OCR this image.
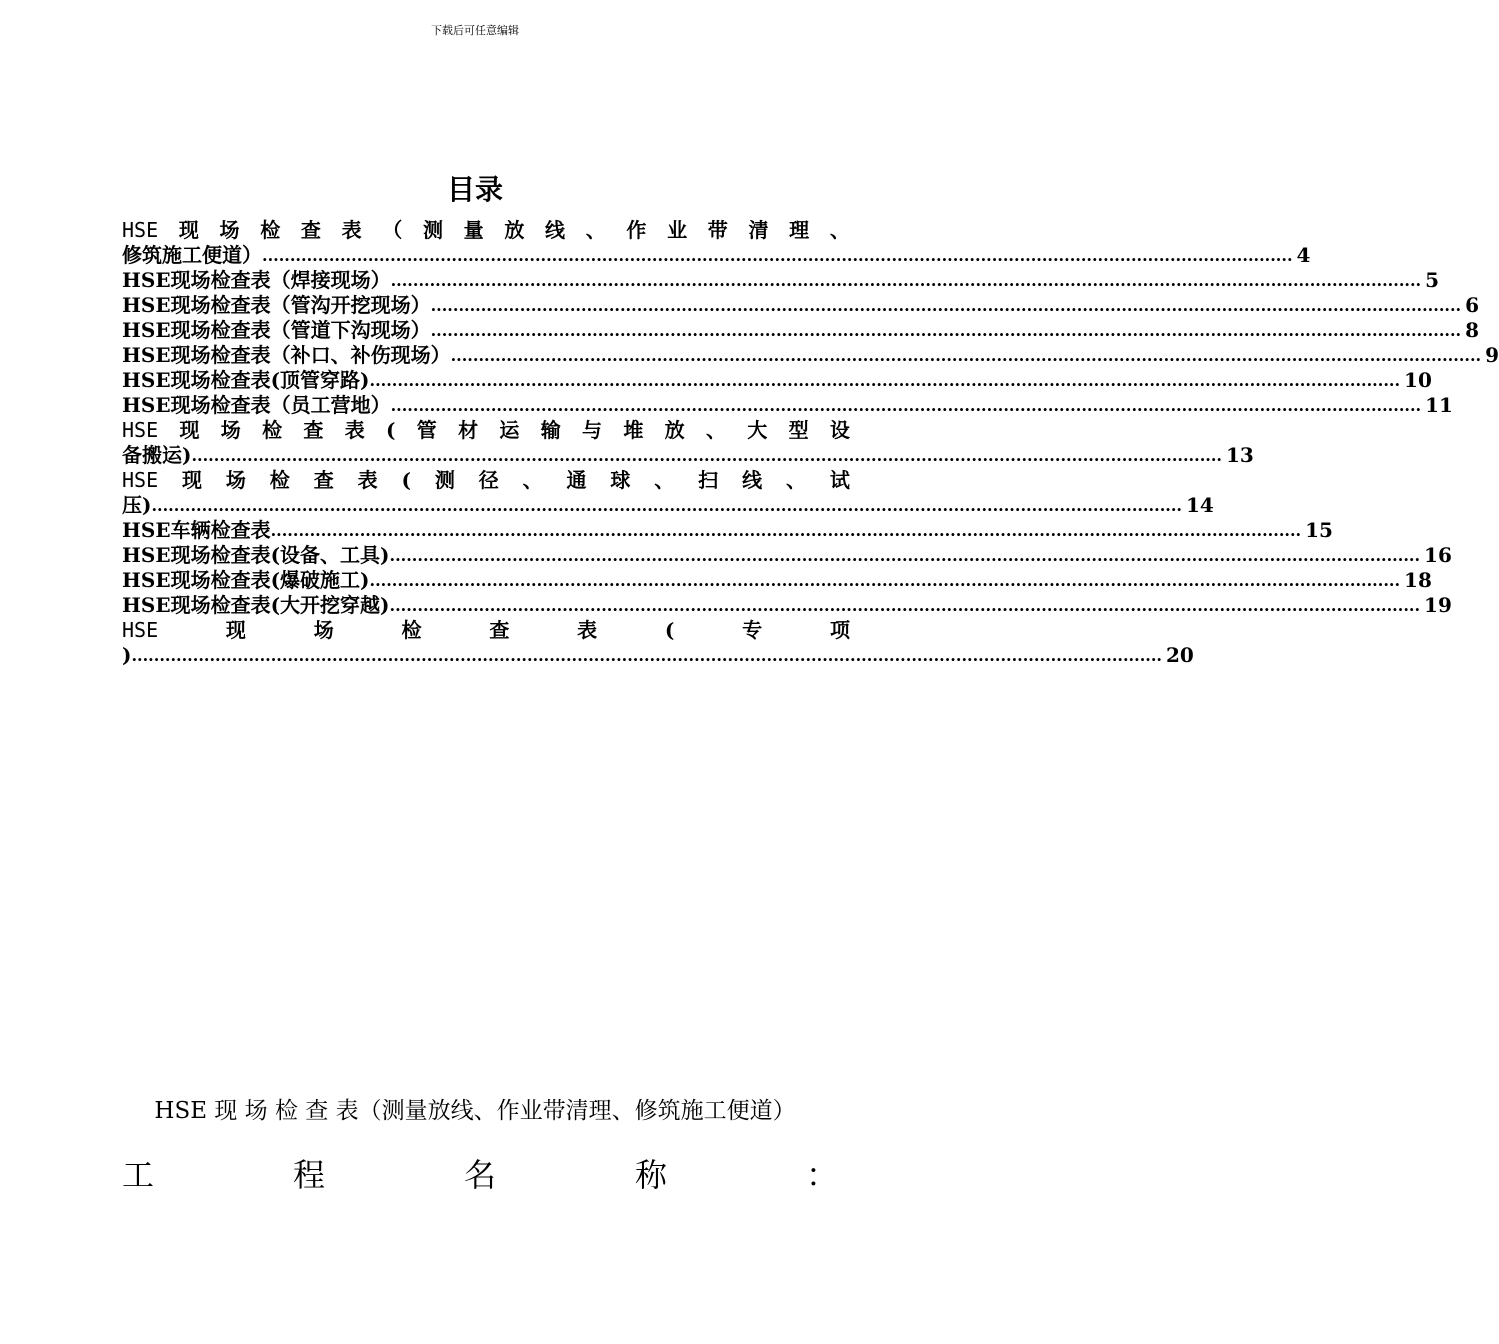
下载后可任意编辑
目录
HSE 现 场 检 查 表 （ 测 量 放 线 、 作 业 带 清 理 、
修筑施工便道） ......................................................................................................................................................................................... 4
HSE现场检查表（焊接现场） ......................................................................................................................................................................................... 5
HSE现场检查表（管沟开挖现场） ......................................................................................................................................................................................... 6
HSE现场检查表（管道下沟现场） ......................................................................................................................................................................................... 8
HSE现场检查表（补口、补伤现场） ......................................................................................................................................................................................... 9
HSE现场检查表(顶管穿路) ......................................................................................................................................................................................... 10
HSE现场检查表（员工营地） ......................................................................................................................................................................................... 11
HSE 现 场 检 查 表 ( 管 材 运 输 与 堆 放 、 大 型 设
备搬运) ......................................................................................................................................................................................... 13
HSE 现 场 检 查 表 ( 测 径 、 通 球 、 扫 线 、 试
压) ......................................................................................................................................................................................... 14
HSE车辆检查表 ......................................................................................................................................................................................... 15
HSE现场检查表(设备、工具) ......................................................................................................................................................................................... 16
HSE现场检查表(爆破施工) ......................................................................................................................................................................................... 18
HSE现场检查表(大开挖穿越) ......................................................................................................................................................................................... 19
HSE	现	场	检	查	表	(	专	项
) ......................................................................................................................................................................................... 20
HSE 现 场 检 查 表（测量放线、作业带清理、修筑施工便道）
工	程	名	称	：
